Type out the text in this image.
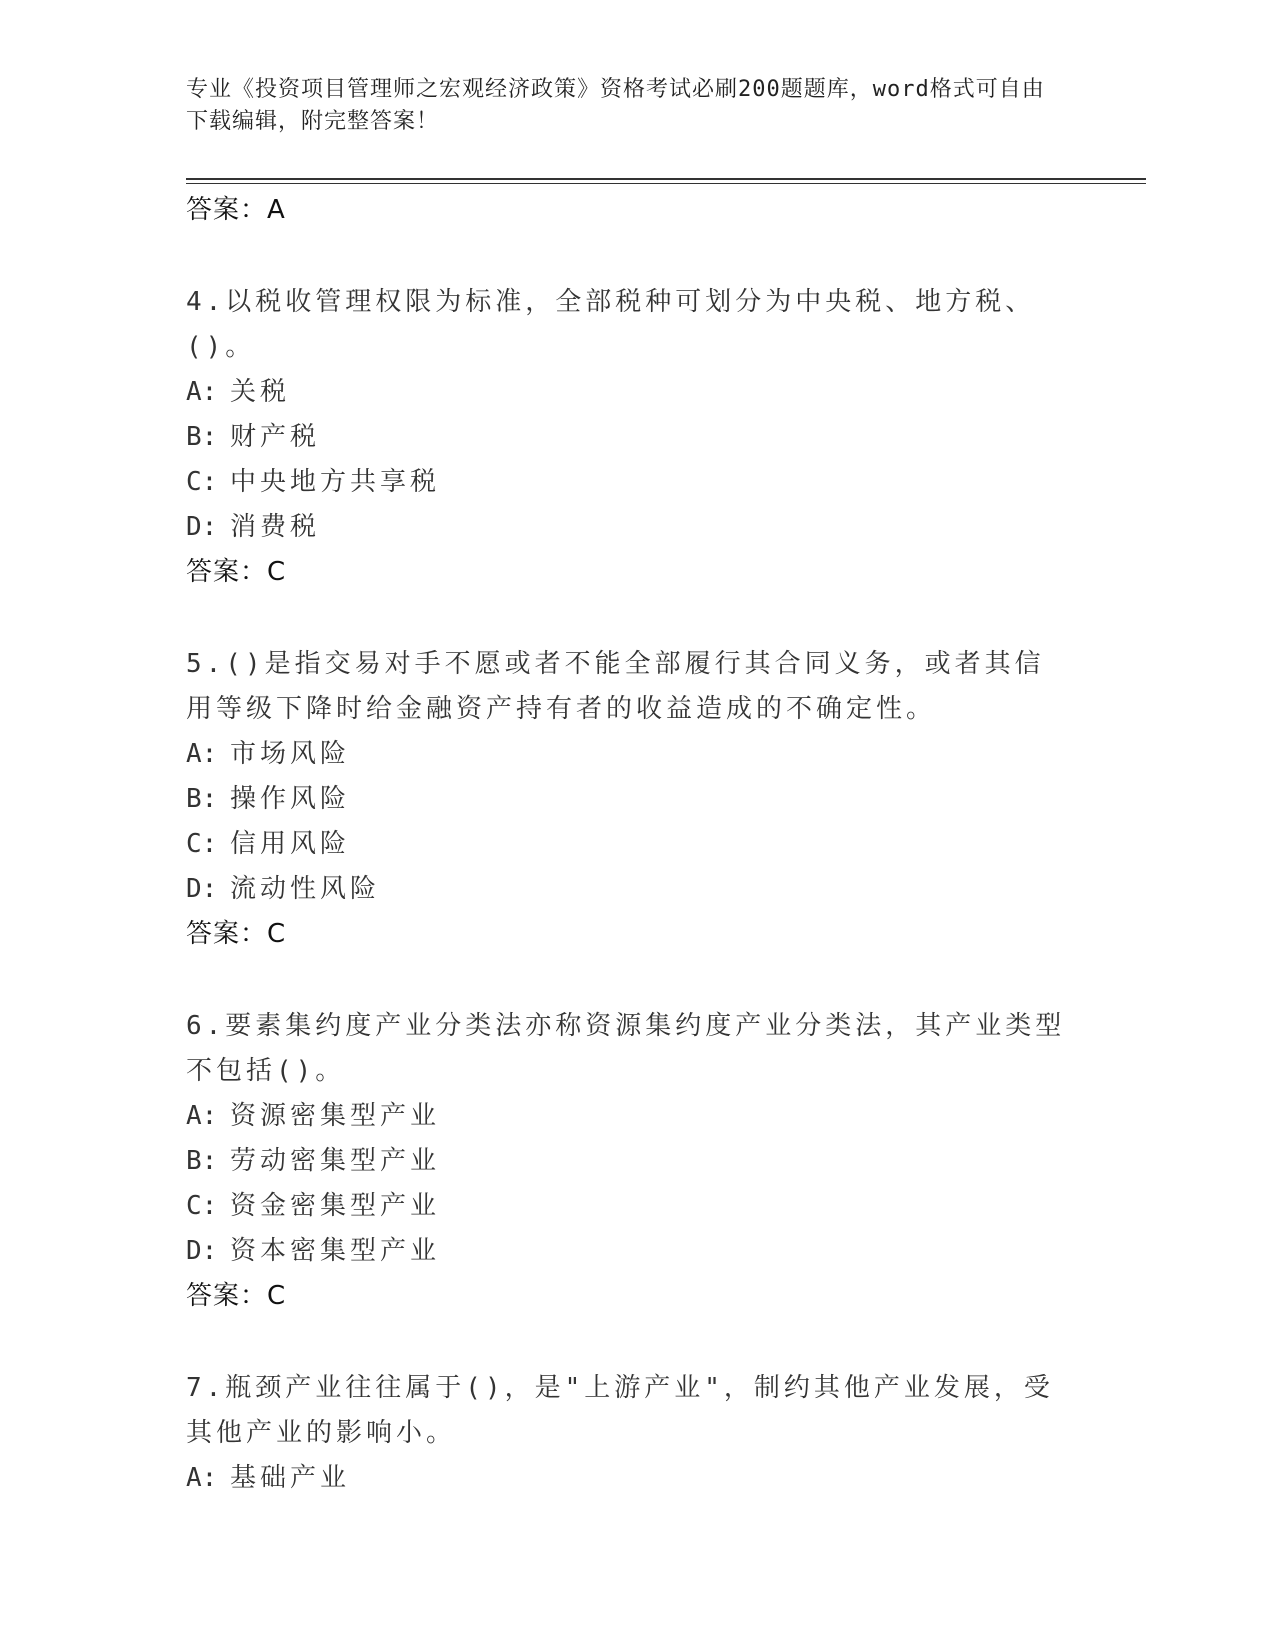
专业《投资项目管理师之宏观经济政策》资格考试必刷200题题库，word格式可自由下载编辑，附完整答案！
答案：A
4.以税收管理权限为标准，全部税种可划分为中央税、地方税、()。
A: 关税
B: 财产税
C: 中央地方共享税
D: 消费税
答案：C
5.()是指交易对手不愿或者不能全部履行其合同义务，或者其信用等级下降时给金融资产持有者的收益造成的不确定性。
A: 市场风险
B: 操作风险
C: 信用风险
D: 流动性风险
答案：C
6.要素集约度产业分类法亦称资源集约度产业分类法，其产业类型不包括()。
A: 资源密集型产业
B: 劳动密集型产业
C: 资金密集型产业
D: 资本密集型产业
答案：C
7.瓶颈产业往往属于()，是"上游产业"，制约其他产业发展，受其他产业的影响小。
A: 基础产业
